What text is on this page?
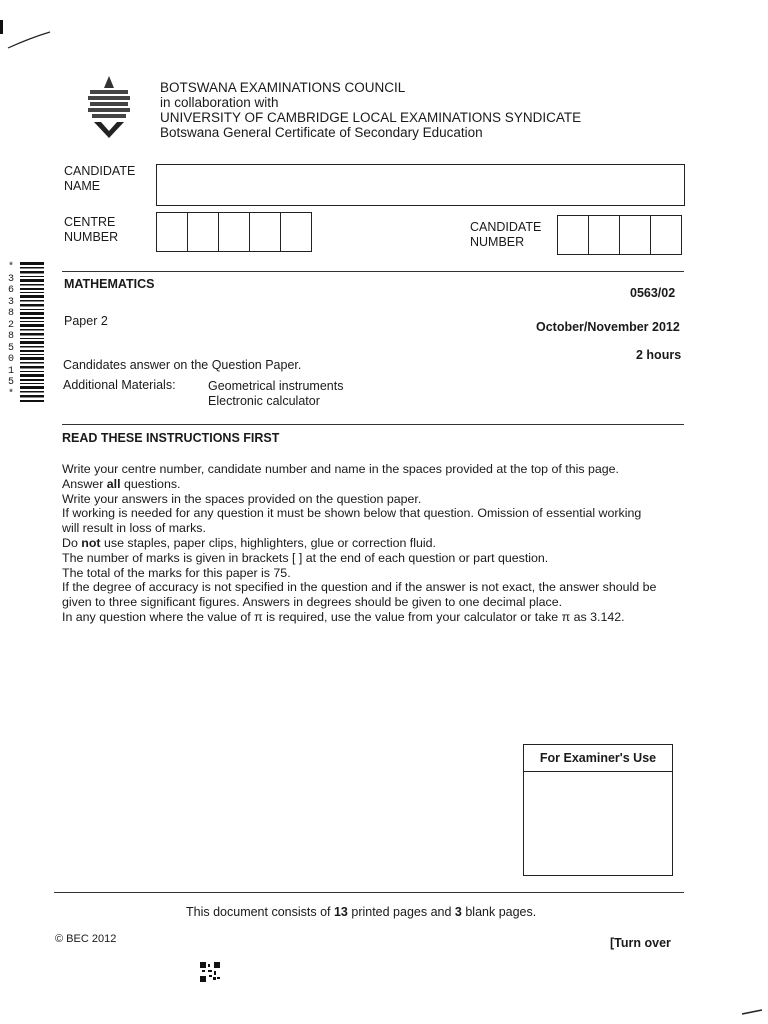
BOTSWANA EXAMINATIONS COUNCIL
in collaboration with
UNIVERSITY OF CAMBRIDGE LOCAL EXAMINATIONS SYNDICATE
Botswana General Certificate of Secondary Education
CANDIDATE
NAME
CENTRE
NUMBER
CANDIDATE
NUMBER
*
3
6
3
8
2
8
5
0
1
5
*
MATHEMATICS
0563/02
Paper 2	October/November 2012
2 hours
Candidates answer on the Question Paper.
Additional Materials:	Geometrical instruments
Electronic calculator
READ THESE INSTRUCTIONS FIRST
Write your centre number, candidate number and name in the spaces provided at the top of this page.
Answer all questions.
Write your answers in the spaces provided on the question paper.
If working is needed for any question it must be shown below that question. Omission of essential working
will result in loss of marks.
Do not use staples, paper clips, highlighters, glue or correction fluid.
The number of marks is given in brackets [ ] at the end of each question or part question.
The total of the marks for this paper is 75.
If the degree of accuracy is not specified in the question and if the answer is not exact, the answer should be
given to three significant figures. Answers in degrees should be given to one decimal place.
In any question where the value of π is required, use the value from your calculator or take π as 3.142.
For Examiner's Use
This document consists of 13 printed pages and 3 blank pages.
© BEC 2012	[Turn over
